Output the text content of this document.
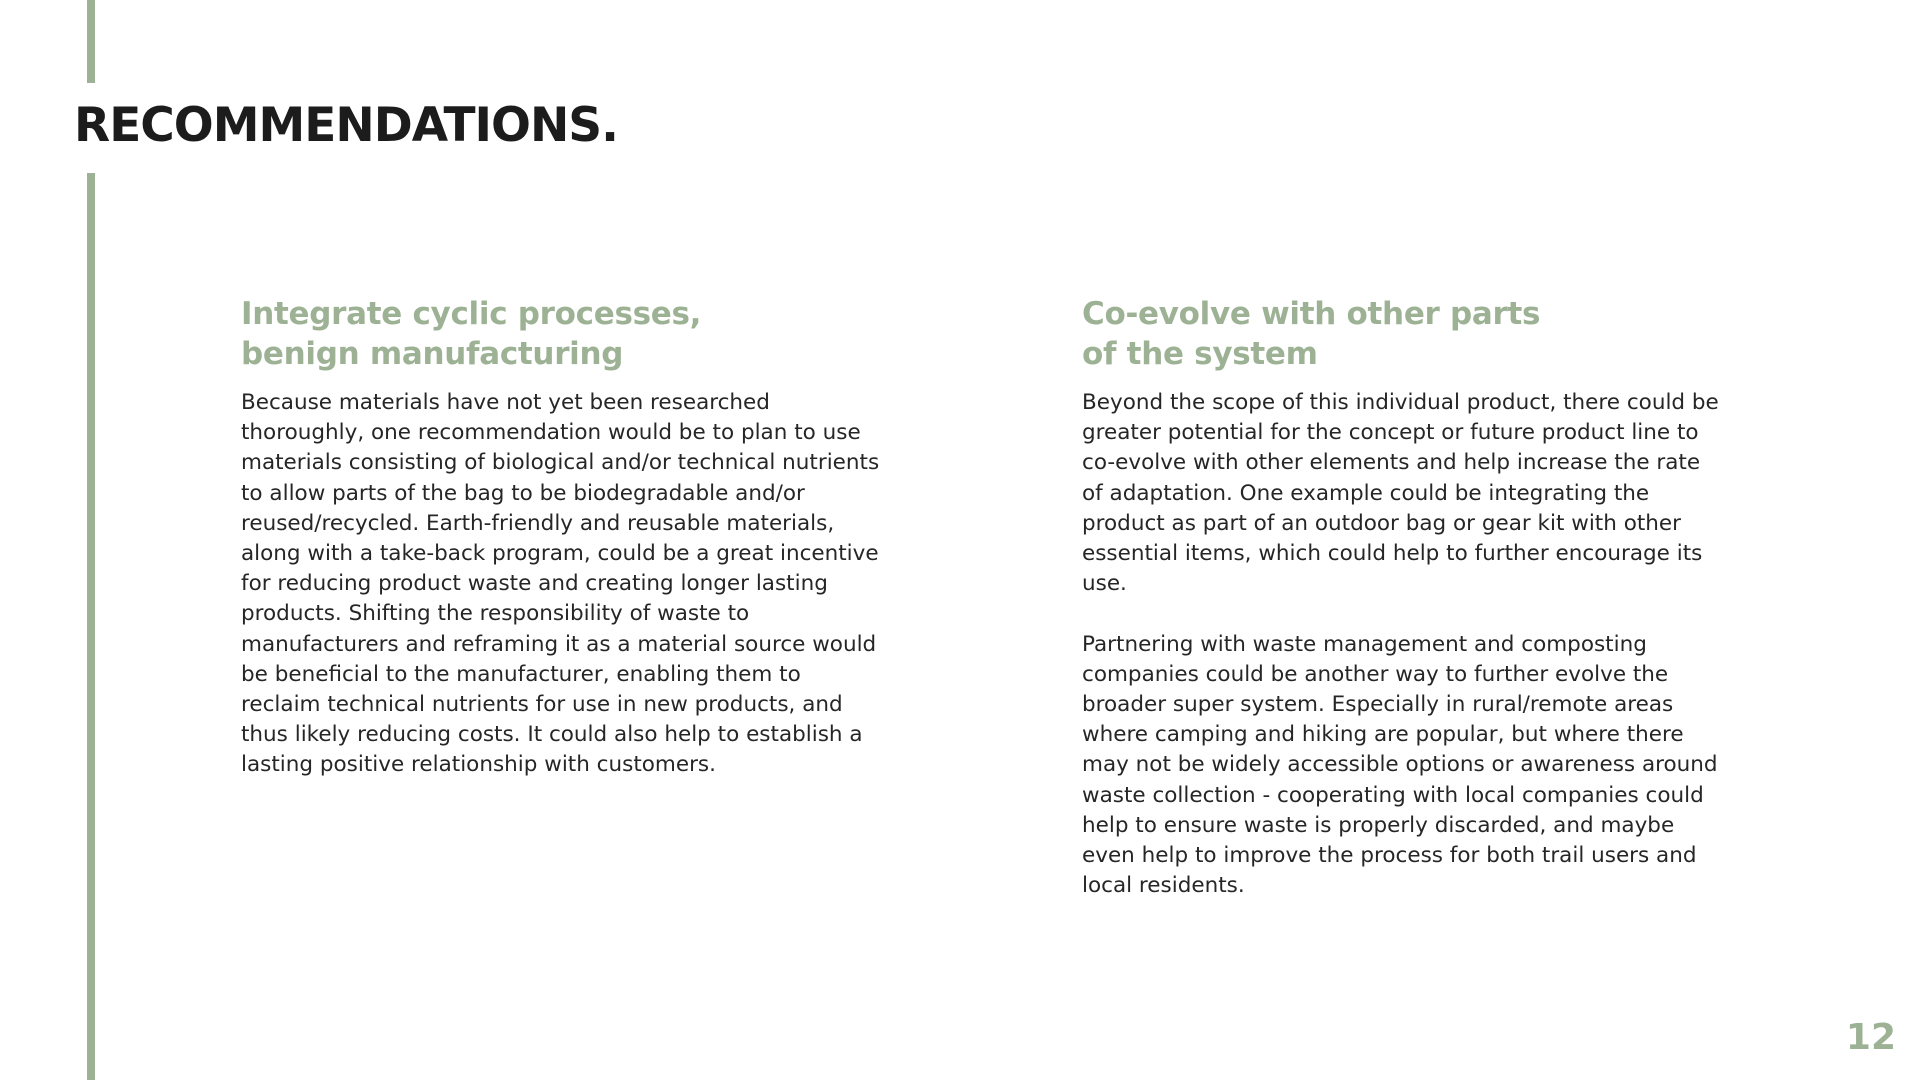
RECOMMENDATIONS.
Integrate cyclic processes,
benign manufacturing

Because materials have not yet been researched thoroughly, one recommendation would be to plan to use materials consisting of biological and/or technical nutrients to allow parts of the bag to be biodegradable and/or reused/recycled. Earth-friendly and reusable materials, along with a take-back program, could be a great incentive for reducing product waste and creating longer lasting products. Shifting the responsibility of waste to manufacturers and reframing it as a material source would be beneficial to the manufacturer, enabling them to reclaim technical nutrients for use in new products, and thus likely reducing costs. It could also help to establish a lasting positive relationship with customers.

Co-evolve with other parts
of the system

Beyond the scope of this individual product, there could be greater potential for the concept or future product line to co-evolve with other elements and help increase the rate of adaptation. One example could be integrating the product as part of an outdoor bag or gear kit with other essential items, which could help to further encourage its use.

Partnering with waste management and composting companies could be another way to further evolve the broader super system. Especially in rural/remote areas where camping and hiking are popular, but where there may not be widely accessible options or awareness around waste collection - cooperating with local companies could help to ensure waste is properly discarded, and maybe even help to improve the process for both trail users and local residents.

12
